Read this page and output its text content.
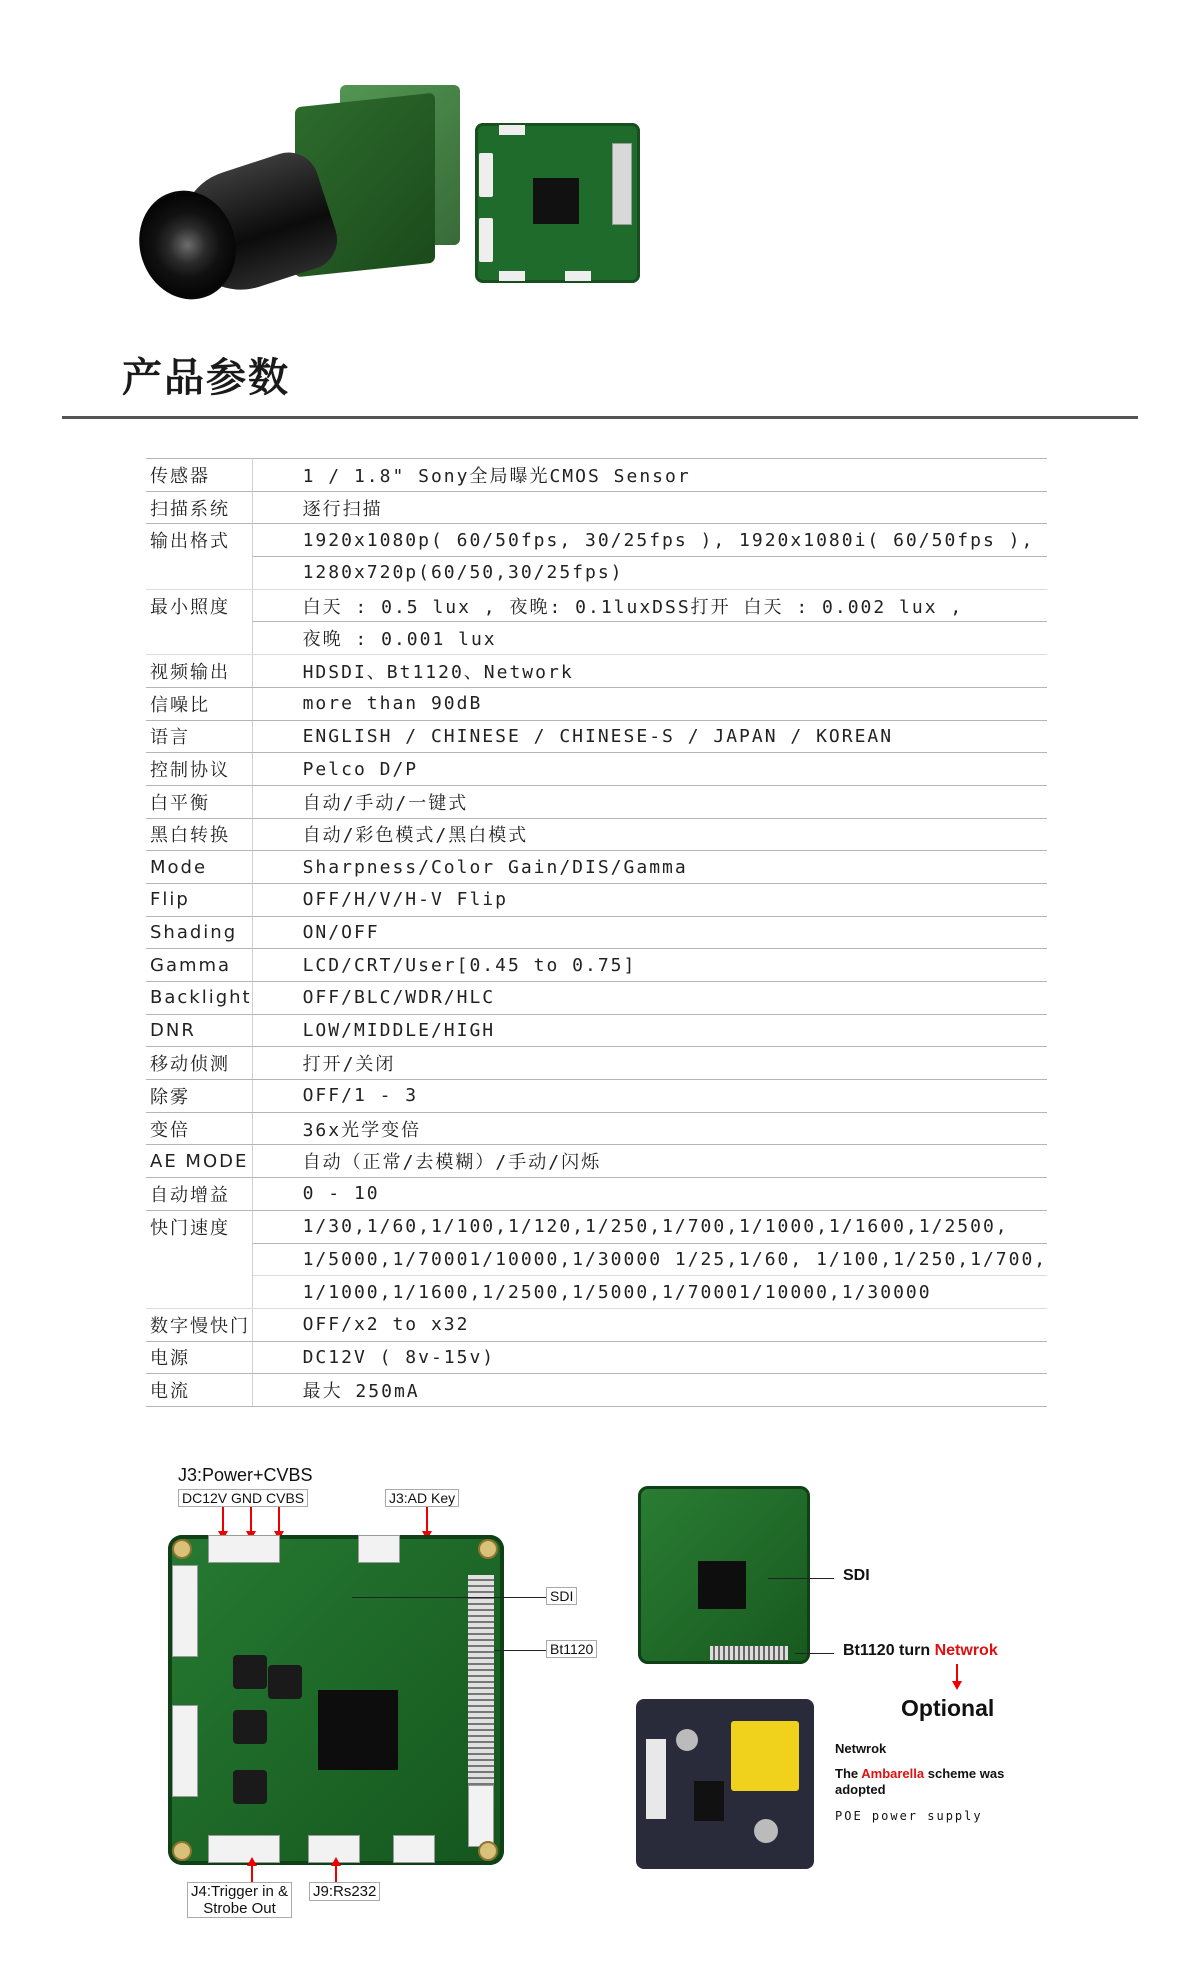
产品参数
传感器	1 / 1.8" Sony全局曝光CMOS Sensor
扫描系统	逐行扫描
输出格式	1920x1080p( 60/50fps, 30/25fps ), 1920x1080i( 60/50fps ),
	1280x720p(60/50,30/25fps)
最小照度	白天 : 0.5 lux , 夜晚: 0.1luxDSS打开 白天 : 0.002 lux ,
	夜晚 : 0.001 lux
视频输出	HDSDI、Bt1120、Network
信噪比	more than 90dB
语言	ENGLISH / CHINESE / CHINESE-S / JAPAN / KOREAN
控制协议	Pelco D/P
白平衡	自动/手动/一键式
黑白转换	自动/彩色模式/黑白模式
Mode	Sharpness/Color Gain/DIS/Gamma
Flip	OFF/H/V/H-V Flip
Shading	ON/OFF
Gamma	LCD/CRT/User[0.45 to 0.75]
Backlight	OFF/BLC/WDR/HLC
DNR	LOW/MIDDLE/HIGH
移动侦测	打开/关闭
除雾	OFF/1 - 3
变倍	36x光学变倍
AE MODE	自动（正常/去模糊）/手动/闪烁
自动增益	0 - 10
快门速度	1/30,1/60,1/100,1/120,1/250,1/700,1/1000,1/1600,1/2500,
	1/5000,1/70001/10000,1/30000 1/25,1/60, 1/100,1/250,1/700,
	1/1000,1/1600,1/2500,1/5000,1/70001/10000,1/30000
数字慢快门	OFF/x2 to x32
电源	DC12V ( 8v-15v)
电流	最大 250mA
J3:Power+CVBS
DC12V GND CVBS	J3:AD Key
SDI
Bt1120
J4:Trigger in &
Strobe Out
J9:Rs232
SDI
Bt1120 turn Netwrok
Optional
Netwrok
The Ambarella scheme was
adopted
POE power supply
